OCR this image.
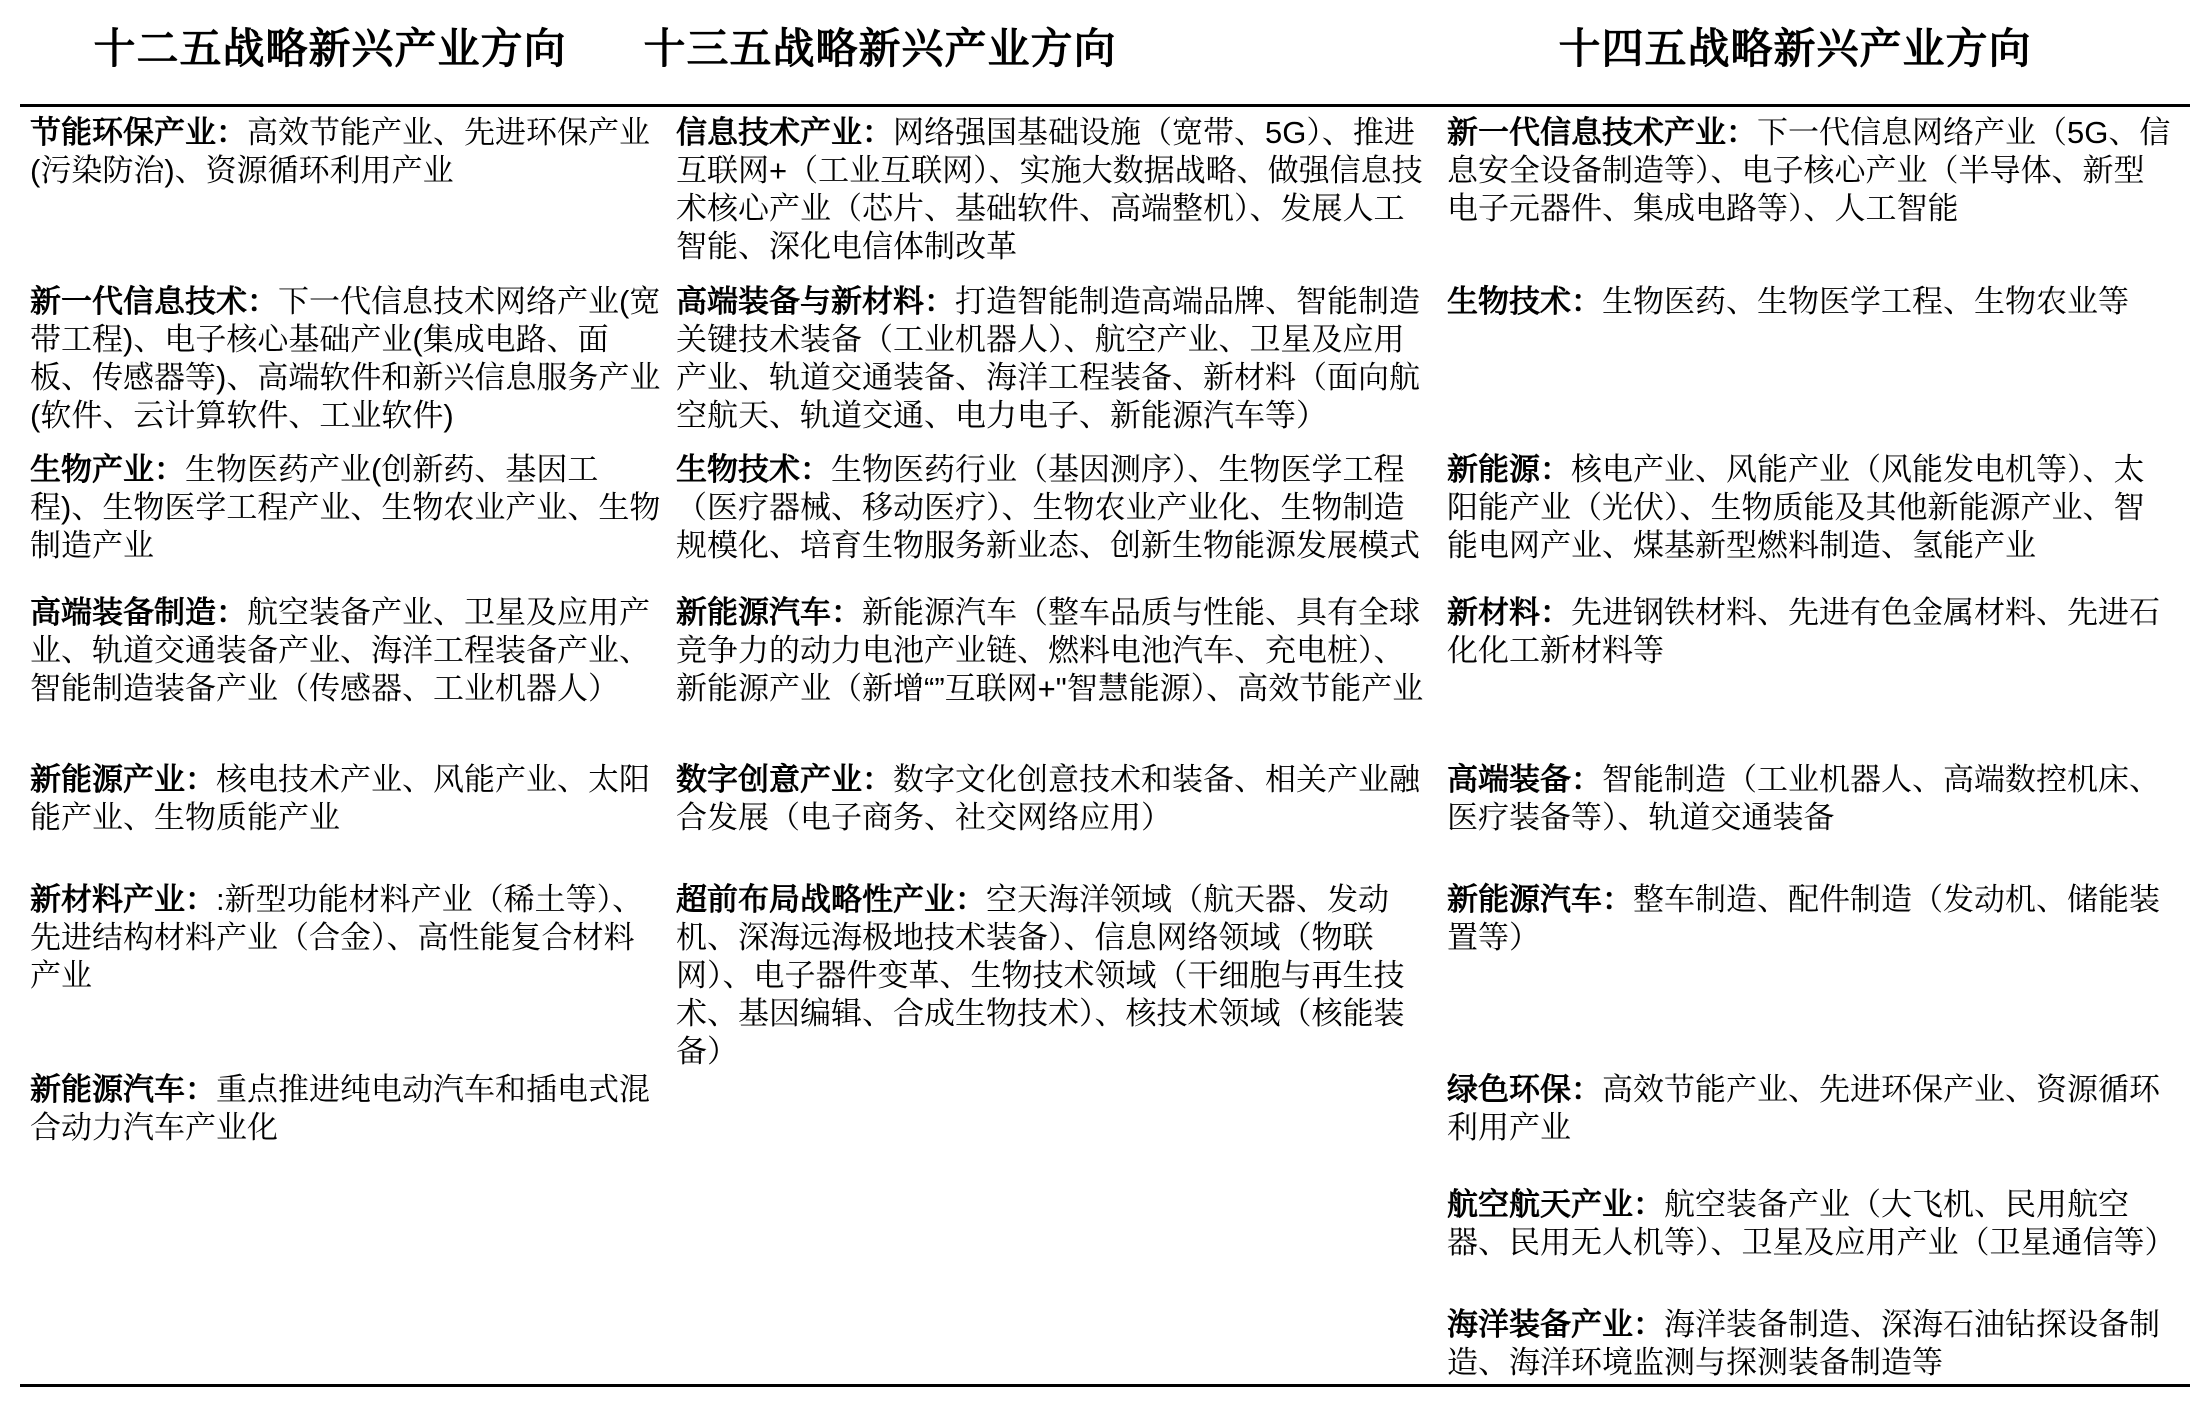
十二五战略新兴产业方向	十三五战略新兴产业方向	十四五战略新兴产业方向
节能环保产业：高效节能产业、先进环保产业(污染防治)、资源循环利用产业
信息技术产业：网络强国基础设施（宽带、5G）、推进互联网+（工业互联网）、实施大数据战略、做强信息技术核心产业（芯片、基础软件、高端整机）、发展人工智能、深化电信体制改革
新一代信息技术产业：下一代信息网络产业（5G、信息安全设备制造等）、电子核心产业（半导体、新型电子元器件、集成电路等）、人工智能
新一代信息技术：下一代信息技术网络产业(宽带工程)、电子核心基础产业(集成电路、面板、传感器等)、高端软件和新兴信息服务产业(软件、云计算软件、工业软件)
高端装备与新材料：打造智能制造高端品牌、智能制造关键技术装备（工业机器人）、航空产业、卫星及应用产业、轨道交通装备、海洋工程装备、新材料（面向航空航天、轨道交通、电力电子、新能源汽车等）
生物技术：生物医药、生物医学工程、生物农业等
生物产业：生物医药产业(创新药、基因工程)、生物医学工程产业、生物农业产业、生物制造产业
生物技术：生物医药行业（基因测序）、生物医学工程（医疗器械、移动医疗）、生物农业产业化、生物制造规模化、培育生物服务新业态、创新生物能源发展模式
新能源：核电产业、风能产业（风能发电机等）、太阳能产业（光伏）、生物质能及其他新能源产业、智能电网产业、煤基新型燃料制造、氢能产业
高端装备制造：航空装备产业、卫星及应用产业、轨道交通装备产业、海洋工程装备产业、智能制造装备产业（传感器、工业机器人）
新能源汽车：新能源汽车（整车品质与性能、具有全球竞争力的动力电池产业链、燃料电池汽车、充电桩）、新能源产业（新增“”互联网+"智慧能源）、高效节能产业
新材料：先进钢铁材料、先进有色金属材料、先进石化化工新材料等
新能源产业：核电技术产业、风能产业、太阳能产业、生物质能产业
数字创意产业：数字文化创意技术和装备、相关产业融合发展（电子商务、社交网络应用）
高端装备：智能制造（工业机器人、高端数控机床、医疗装备等）、轨道交通装备
新材料产业：:新型功能材料产业（稀土等）、先进结构材料产业（合金）、高性能复合材料产业
超前布局战略性产业：空天海洋领域（航天器、发动机、深海远海极地技术装备）、信息网络领域（物联网）、电子器件变革、生物技术领域（干细胞与再生技术、基因编辑、合成生物技术）、核技术领域（核能装备）
新能源汽车：整车制造、配件制造（发动机、储能装置等）
新能源汽车：重点推进纯电动汽车和插电式混合动力汽车产业化
绿色环保：高效节能产业、先进环保产业、资源循环利用产业
航空航天产业：航空装备产业（大飞机、民用航空器、民用无人机等）、卫星及应用产业（卫星通信等）
海洋装备产业：海洋装备制造、深海石油钻探设备制造、海洋环境监测与探测装备制造等
